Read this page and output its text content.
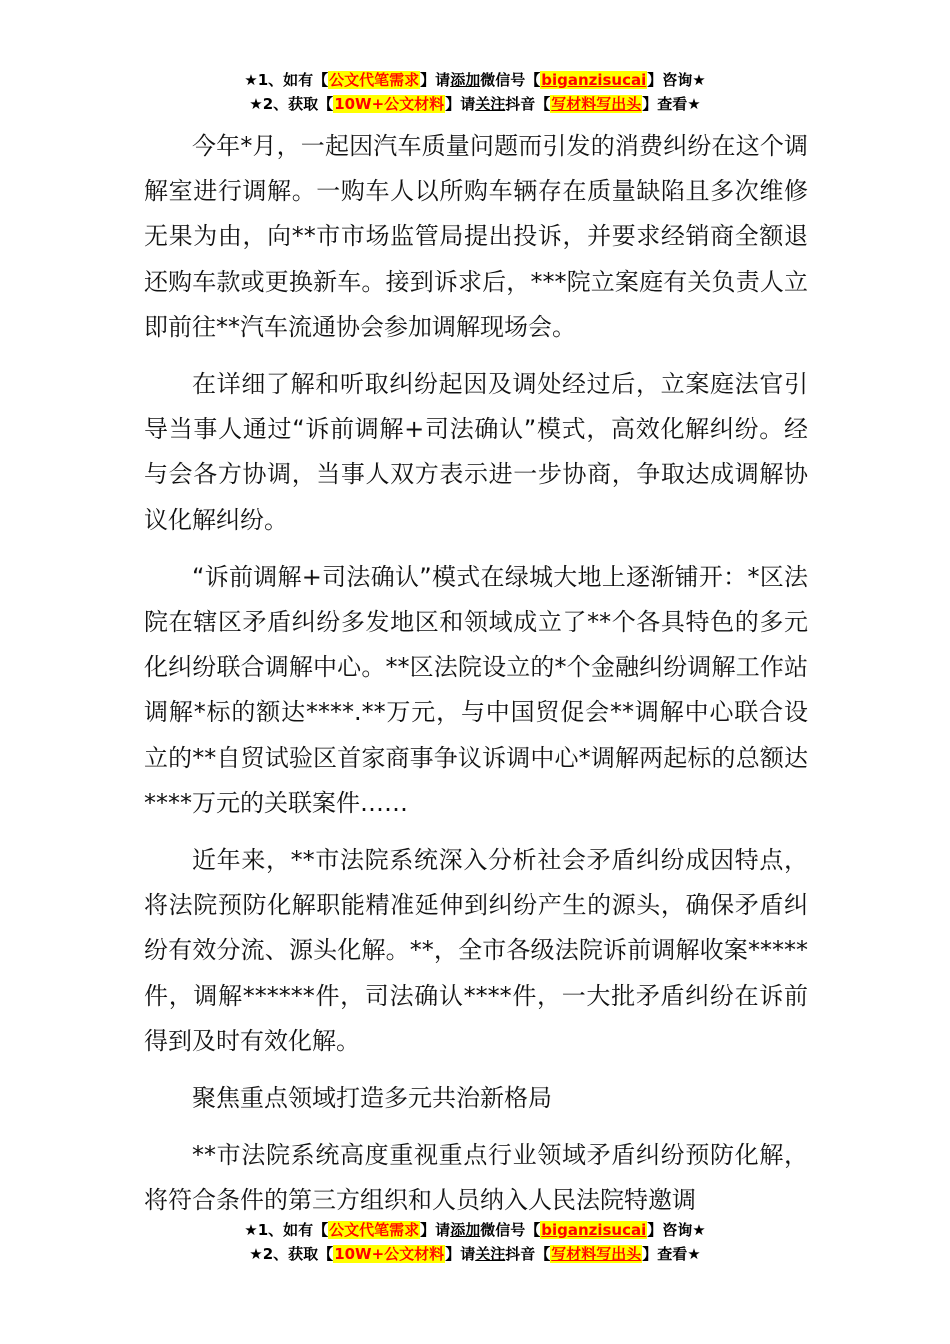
★1、如有【公文代笔需求】请添加微信号【biganzisucai】咨询★
★2、获取【10W+公文材料】请关注抖音【写材料写出头】查看★

今年*月，一起因汽车质量问题而引发的消费纠纷在这个调解室进行调解。一购车人以所购车辆存在质量缺陷且多次维修无果为由，向**市市场监管局提出投诉，并要求经销商全额退还购车款或更换新车。接到诉求后，***院立案庭有关负责人立即前往**汽车流通协会参加调解现场会。

在详细了解和听取纠纷起因及调处经过后，立案庭法官引导当事人通过“诉前调解+司法确认”模式，高效化解纠纷。经与会各方协调，当事人双方表示进一步协商，争取达成调解协议化解纠纷。

“诉前调解+司法确认”模式在绿城大地上逐渐铺开：*区法院在辖区矛盾纠纷多发地区和领域成立了**个各具特色的多元化纠纷联合调解中心。**区法院设立的*个金融纠纷调解工作站调解*标的额达****.**万元，与中国贸促会**调解中心联合设立的**自贸试验区首家商事争议诉调中心*调解两起标的总额达****万元的关联案件……

近年来，**市法院系统深入分析社会矛盾纠纷成因特点，将法院预防化解职能精准延伸到纠纷产生的源头，确保矛盾纠纷有效分流、源头化解。**，全市各级法院诉前调解收案*****件，调解******件，司法确认****件，一大批矛盾纠纷在诉前得到及时有效化解。

聚焦重点领域打造多元共治新格局

**市法院系统高度重视重点行业领域矛盾纠纷预防化解，将符合条件的第三方组织和人员纳入人民法院特邀调

★1、如有【公文代笔需求】请添加微信号【biganzisucai】咨询★
★2、获取【10W+公文材料】请关注抖音【写材料写出头】查看★
